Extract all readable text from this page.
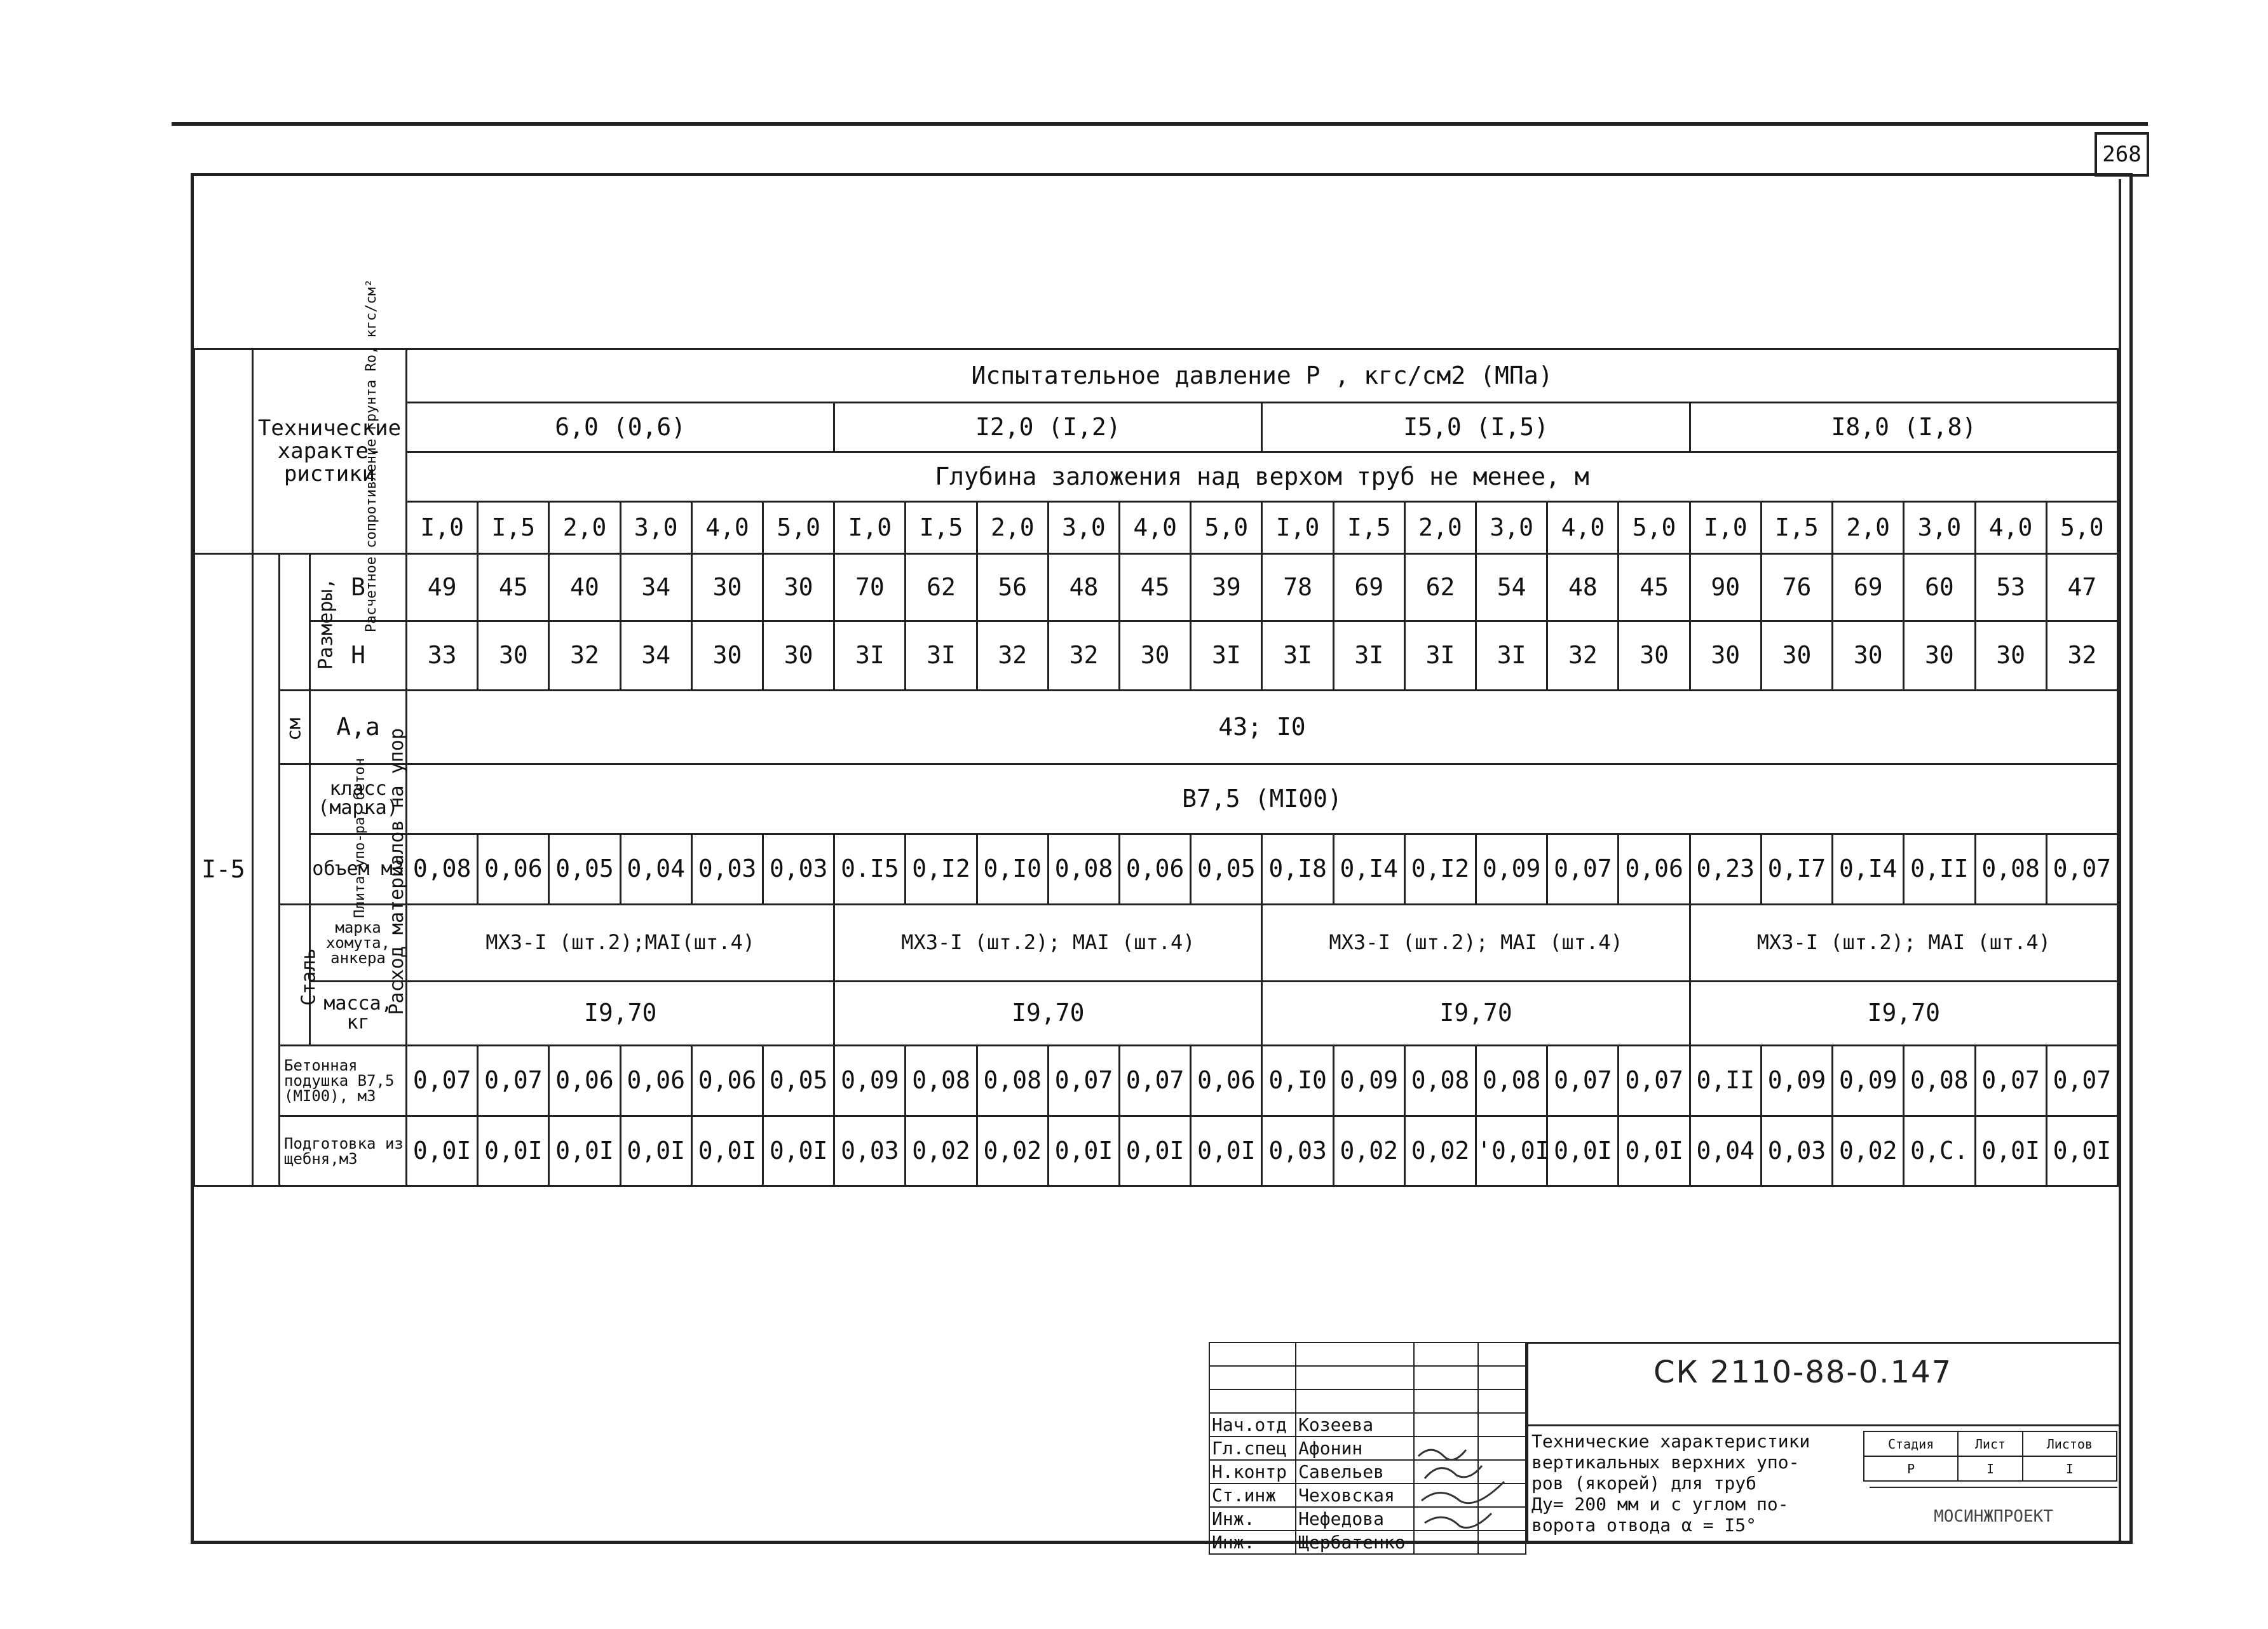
268
Расчетное сопротивление грунта Ro, кгс/см²	Технические характе-ристики			Испытательное давление Р , кгс/см2 (МПа)																							
				6,0 (0,6)						I2,0 (I,2)						I5,0 (I,5)						I8,0 (I,8)					
				Глубина заложения над верхом труб не менее, м																							
				I,0	I,5	2,0	3,0	4,0	5,0	I,0	I,5	2,0	3,0	4,0	5,0	I,0	I,5	2,0	3,0	4,0	5,0	I,0	I,5	2,0	3,0	4,0	5,0
I-5	Расход материалов на упор	Размеры,	B	49	45	40	34	30	30	70	62	56	48	45	39	78	69	62	54	48	45	90	76	69	60	53	47
			H	33	30	32	34	30	30	3I	3I	32	32	30	3I	3I	3I	3I	3I	32	30	30	30	30	30	30	32
		см	A,a	43; I0																							
		Плита упо-ра, бетон	класс (марка)	B7,5 (MI00)																							
			объем м3	0,08	0,06	0,05	0,04	0,03	0,03	0.I5	0,I2	0,I0	0,08	0,06	0,05	0,I8	0,I4	0,I2	0,09	0,07	0,06	0,23	0,I7	0,I4	0,II	0,08	0,07
		Сталь	марка хомута, анкера	MX3-I (шт.2);MAI(шт.4)						MX3-I (шт.2); MAI (шт.4)						MX3-I (шт.2); MAI (шт.4)						MX3-I (шт.2); MAI (шт.4)					
			масса, кг	I9,70						I9,70						I9,70						I9,70					
		Бетонная подушка B7,5 (MI00), м3		0,07	0,07	0,06	0,06	0,06	0,05	0,09	0,08	0,08	0,07	0,07	0,06	0,I0	0,09	0,08	0,08	0,07	0,07	0,II	0,09	0,09	0,08	0,07	0,07
		Подготовка из щебня,м3		0,0I	0,0I	0,0I	0,0I	0,0I	0,0I	0,03	0,02	0,02	0,0I	0,0I	0,0I	0,03	0,02	0,02	'0,0I	0,0I	0,0I	0,04	0,03	0,02	0,C.	0,0I	0,0I

Нач.отд	Козеева		
Гл.спец	Афонин		
Н.контр	Савельев		
Ст.инж	Чеховская		
Инж.	Нефедова		
Инж.	Щербатенко		
СК 2110-88-0.147
Технические характеристики
вертикальных верхних упо-
ров (якорей) для труб
Ду= 200 мм и с углом по-
ворота отвода α = I5°
Стадия	Лист	Листов
Р	I	I
МОСИНЖПРОЕКТ
